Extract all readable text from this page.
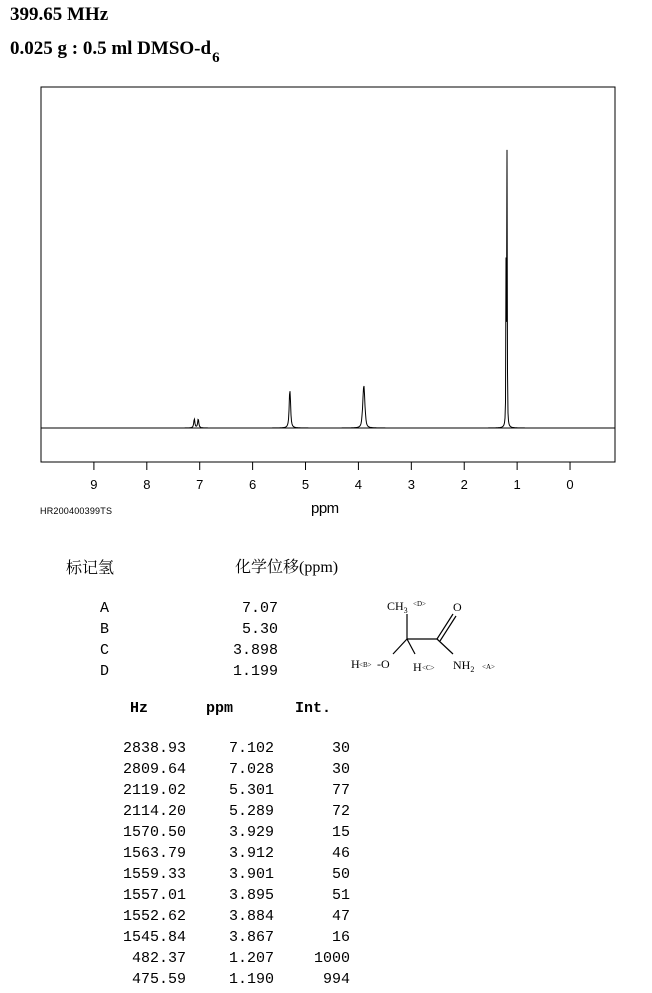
399.65 MHz
0.025 g : 0.5 ml DMSO-$d_6$
9	8	7	6	5	4	3	2	1	0
HR200400399TS	ppm
标记氢	化学位移(ppm)
A	7.07
B	5.30
C	3.898
D	1.199
$CH_3$
<D> O
H <B> -O $H <C> NH_2 <A>$
Hz	ppm	Int.
2838.93	7.102	30
2809.64	7.028	30
2119.02	5.301	77
2114.20	5.289	72
1570.50	3.929	15
1563.79	3.912	46
1559.33	3.901	50
1557.01	3.895	51
1552.62	3.884	47
1545.84	3.867	16
482.37	1.207	1000
475.59	1.190	994
